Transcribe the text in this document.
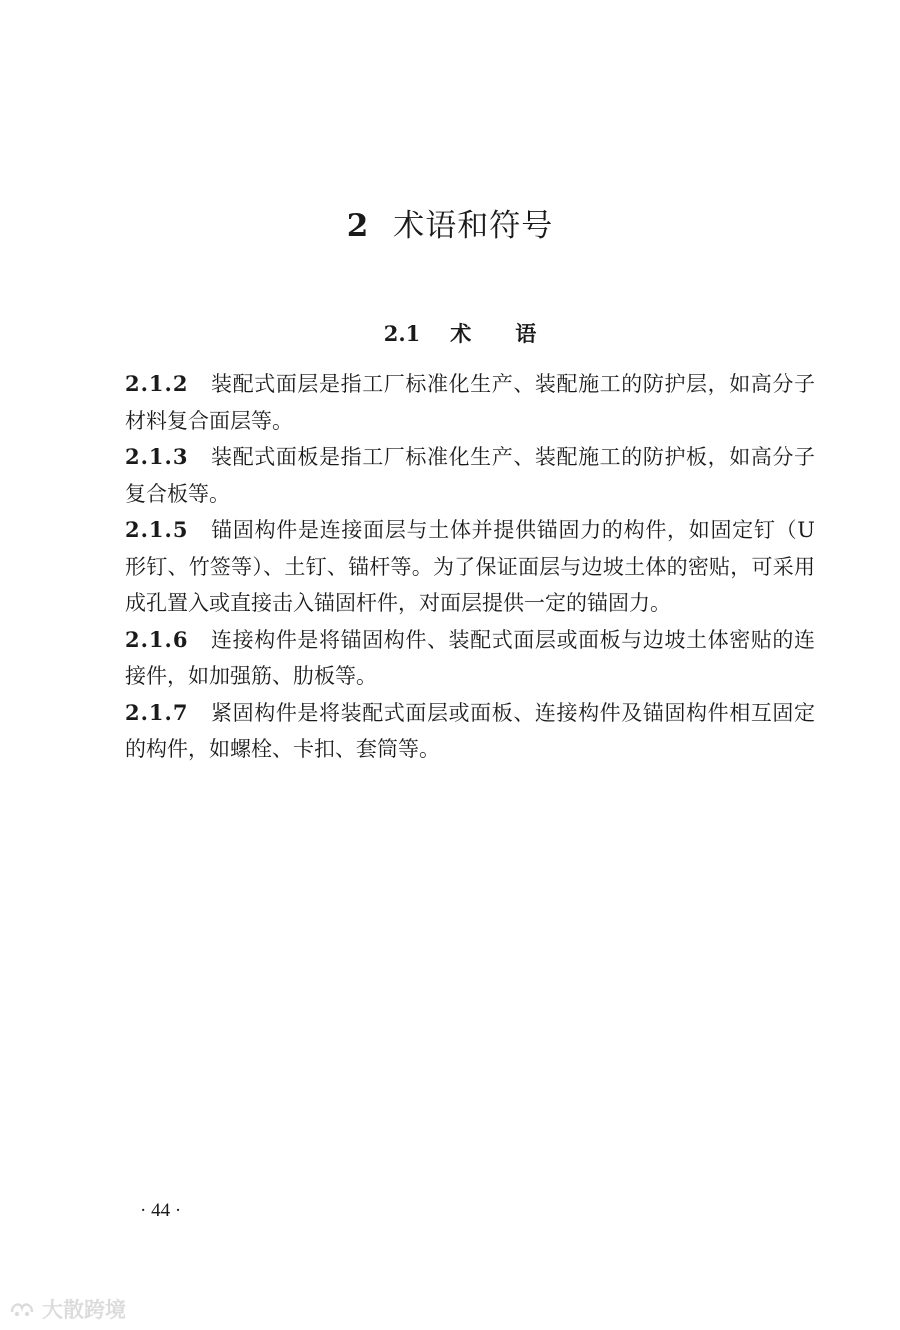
2 术语和符号
2.1 术 语

2.1.2 装配式面层是指工厂标准化生产、装配施工的防护层，如高分子材料复合面层等。

2.1.3 装配式面板是指工厂标准化生产、装配施工的防护板，如高分子复合板等。

2.1.5 锚固构件是连接面层与土体并提供锚固力的构件，如固定钉（U形钉、竹签等）、土钉、锚杆等。为了保证面层与边坡土体的密贴，可采用成孔置入或直接击入锚固杆件，对面层提供一定的锚固力。

2.1.6 连接构件是将锚固构件、装配式面层或面板与边坡土体密贴的连接件，如加强筋、肋板等。

2.1.7 紧固构件是将装配式面层或面板、连接构件及锚固构件相互固定的构件，如螺栓、卡扣、套筒等。

· 44 ·
大散跨境
